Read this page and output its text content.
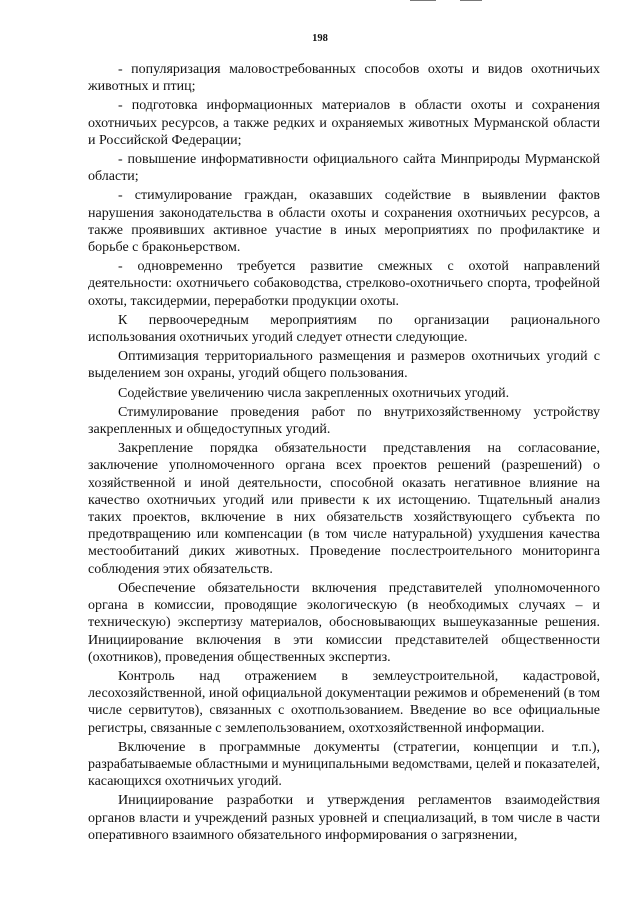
198

- популяризация маловостребованных способов охоты и видов охотничьих животных и птиц;

- подготовка информационных материалов в области охоты и сохранения охотничьих ресурсов, а также редких и охраняемых животных Мурманской области и Российской Федерации;

- повышение информативности официального сайта Минприроды Мурманской области;

- стимулирование граждан, оказавших содействие в выявлении фактов нарушения законодательства в области охоты и сохранения охотничьих ресурсов, а также проявивших активное участие в иных мероприятиях по профилактике и борьбе с браконьерством.

- одновременно требуется развитие смежных с охотой направлений деятельности: охотничьего собаководства, стрелково-охотничьего спорта, трофейной охоты, таксидермии, переработки продукции охоты.

К первоочередным мероприятиям по организации рационального использования охотничьих угодий следует отнести следующие.

Оптимизация территориального размещения и размеров охотничьих угодий с выделением зон охраны, угодий общего пользования.

Содействие увеличению числа закрепленных охотничьих угодий.

Стимулирование проведения работ по внутрихозяйственному устройству закрепленных и общедоступных угодий.

Закрепление порядка обязательности представления на согласование, заключение уполномоченного органа всех проектов решений (разрешений) о хозяйственной и иной деятельности, способной оказать негативное влияние на качество охотничьих угодий или привести к их истощению. Тщательный анализ таких проектов, включение в них обязательств хозяйствующего субъекта по предотвращению или компенсации (в том числе натуральной) ухудшения качества местообитаний диких животных. Проведение послестроительного мониторинга соблюдения этих обязательств.

Обеспечение обязательности включения представителей уполномоченного органа в комиссии, проводящие экологическую (в необходимых случаях – и техническую) экспертизу материалов, обосновывающих вышеуказанные решения. Инициирование включения в эти комиссии представителей общественности (охотников), проведения общественных экспертиз.

Контроль над отражением в землеустроительной, кадастровой, лесохозяйственной, иной официальной документации режимов и обременений (в том числе сервитутов), связанных с охотпользованием. Введение во все официальные регистры, связанные с землепользованием, охотхозяйственной информации.

Включение в программные документы (стратегии, концепции и т.п.), разрабатываемые областными и муниципальными ведомствами, целей и показателей, касающихся охотничьих угодий.

Инициирование разработки и утверждения регламентов взаимодействия органов власти и учреждений разных уровней и специализаций, в том числе в части оперативного взаимного обязательного информирования о загрязнении,
